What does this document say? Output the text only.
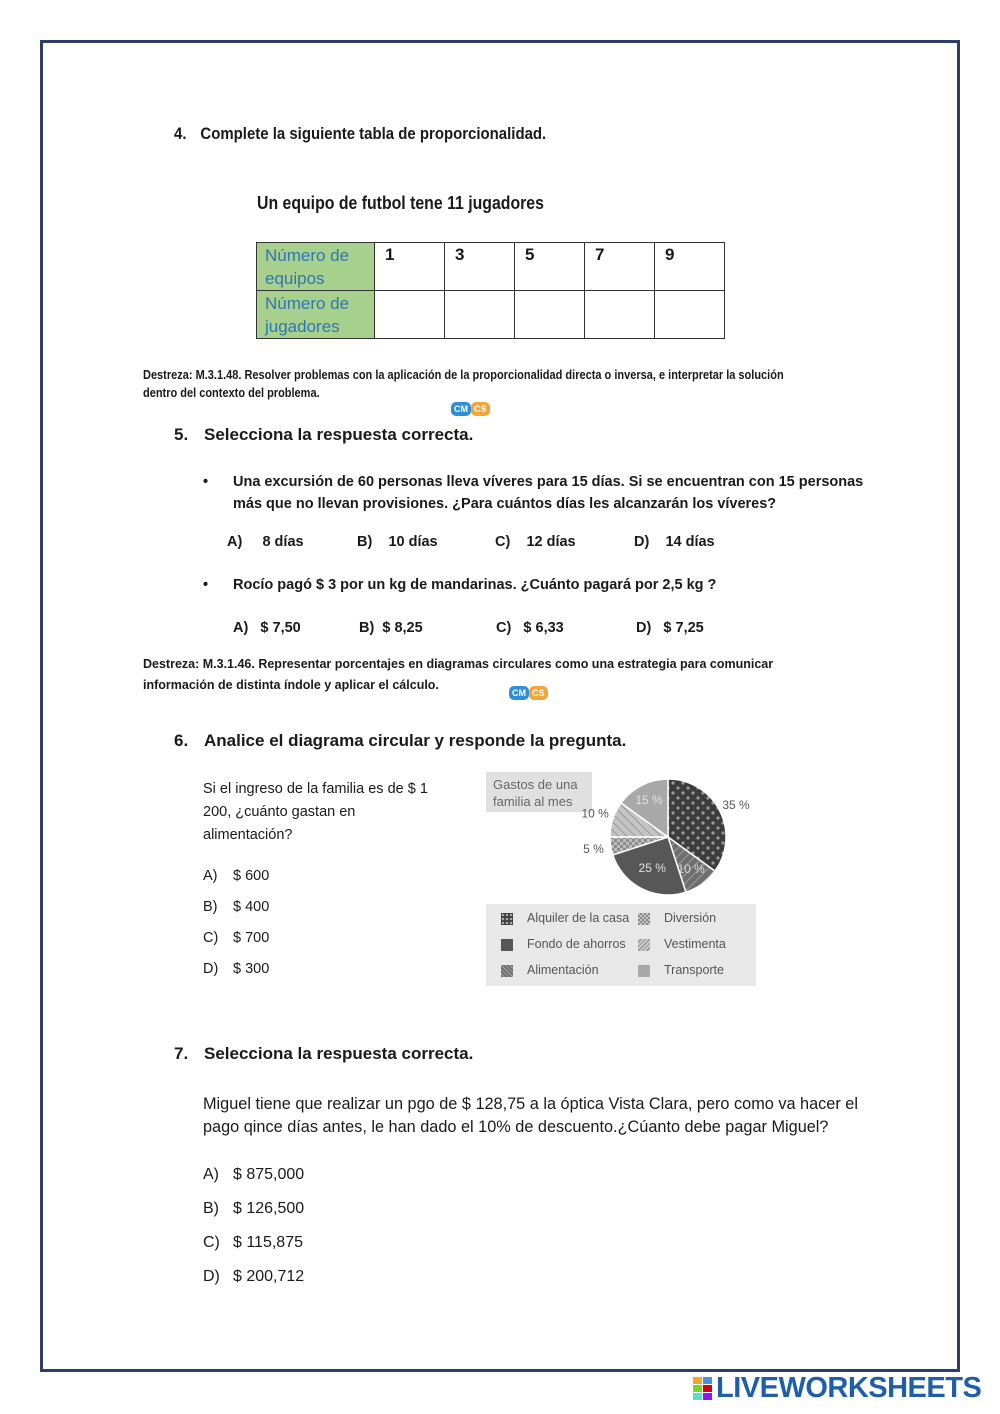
4. Complete la siguiente tabla de proporcionalidad.
Un equipo de futbol tene 11 jugadores
Número de equipos	1	3	5	7	9
Número de jugadores					
Destreza: M.3.1.48. Resolver problemas con la aplicación de la proporcionalidad directa o inversa, e interpretar la solución dentro del contexto del problema.
CM CS
5. Selecciona la respuesta correcta.
• Una excursión de 60 personas lleva víveres para 15 días. Si se encuentran con 15 personas más que no llevan provisiones. ¿Para cuántos días les alcanzarán los víveres?
A) 8 días	B) 10 días	C) 12 días	D) 14 días
• Rocío pagó $ 3 por un kg de mandarinas. ¿Cuánto pagará por 2,5 kg ?
A) $ 7,50	B) $ 8,25	C) $ 6,33	D) $ 7,25
Destreza: M.3.1.46. Representar porcentajes en diagramas circulares como una estrategia para comunicar información de distinta índole y aplicar el cálculo.
CM CS
6. Analice el diagrama circular y responde la pregunta.
Si el ingreso de la familia es de $ 1 200, ¿cuánto gastan en alimentación?
A) $ 600
B) $ 400
C) $ 700
D) $ 300
Gastos de una familia al mes	35 %
10 %
25 %
5 %
10 %
15 %
Alquiler de la casa	Diversión
Fondo de ahorros	Vestimenta
Alimentación	Transporte
7. Selecciona la respuesta correcta.
Miguel tiene que realizar un pgo de $ 128,75 a la óptica Vista Clara, pero como va hacer el pago qince días antes, le han dado el 10% de descuento.¿Cúanto debe pagar Miguel?
A) $ 875,000
B) $ 126,500
C) $ 115,875
D) $ 200,712
LIVEWORKSHEETS
